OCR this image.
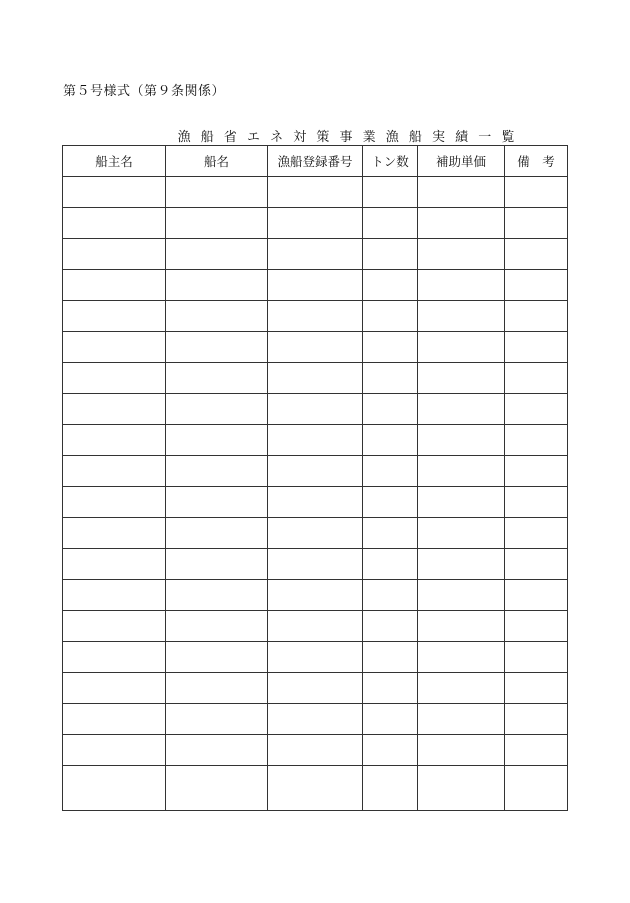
第５号様式（第９条関係）
漁 船 省 エ ネ 対 策 事 業 漁 船 実 績 一 覧
船主名	船名	漁船登録番号	トン数	補助単価	備　考
